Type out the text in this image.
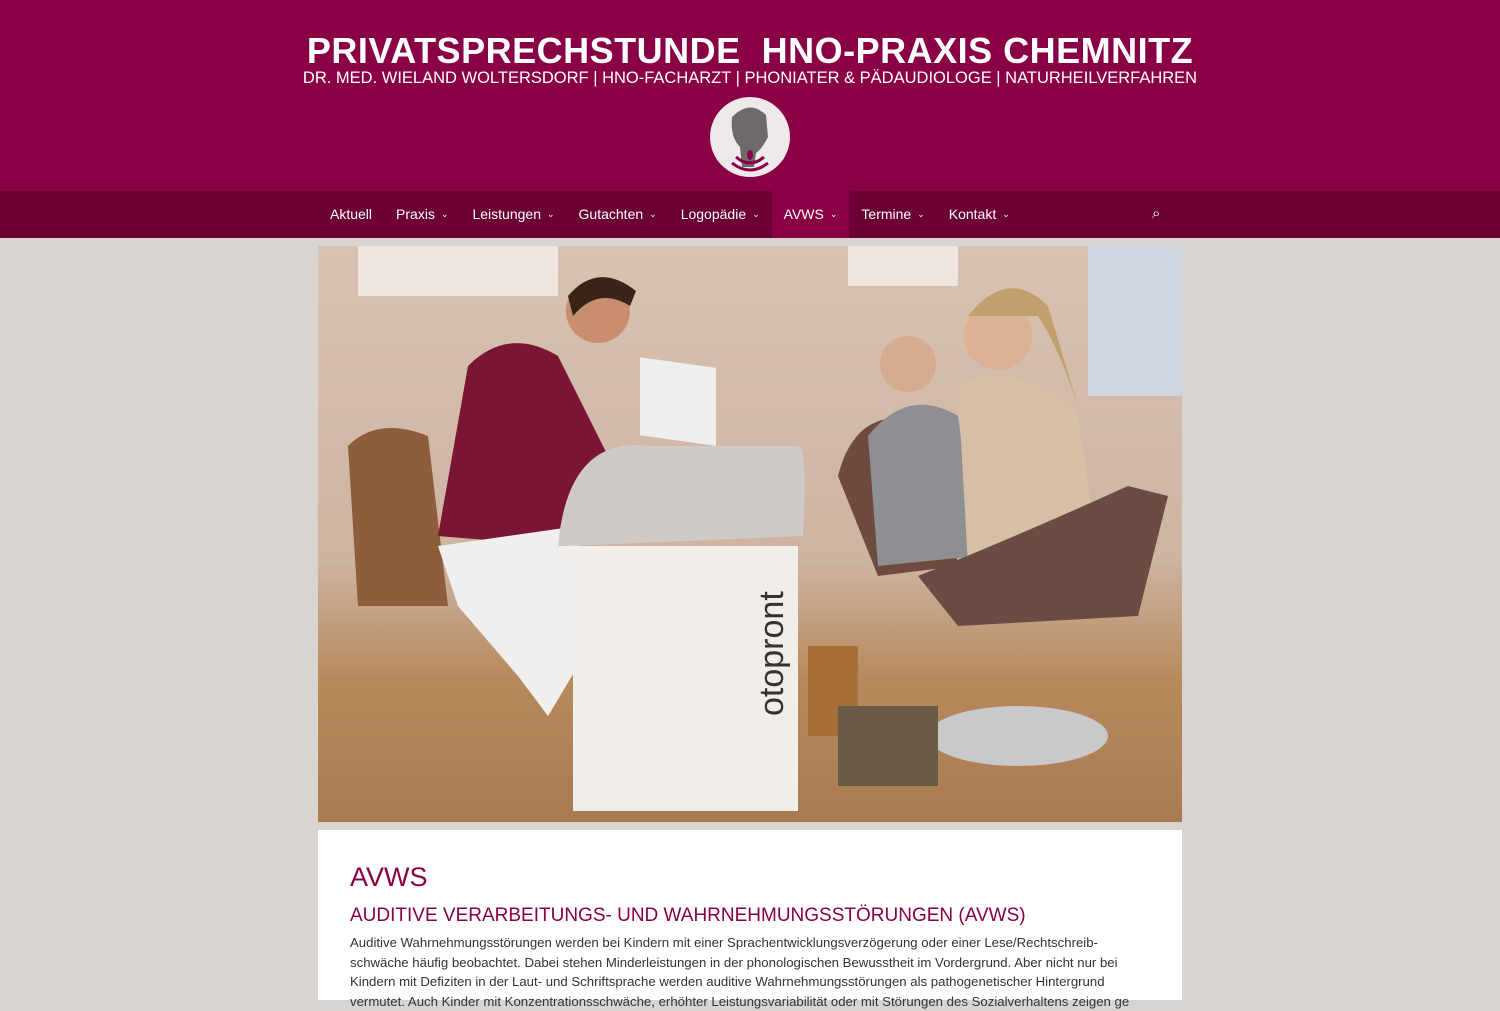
PRIVATSPRECHSTUNDE  HNO-PRAXIS CHEMNITZ
DR. MED. WIELAND WOLTERSDORF | HNO-FACHARZT | PHONIATER & PÄDAUDIOLOGE | NATURHEILVERFAHREN
Aktuell Praxis ⌄ Leistungen ⌄ Gutachten ⌄ Logopädie ⌄ AVWS ⌄ Termine ⌄ Kontakt ⌄	⌕
otopront
AVWS
AUDITIVE VERARBEITUNGS- UND WAHRNEHMUNGSSTÖRUNGEN (AVWS)

Auditive Wahrnehmungsstörungen werden bei Kindern mit einer Sprachentwicklungsverzögerung oder einer Lese/Rechtschreib-schwäche häufig beobachtet. Dabei stehen Minderleistungen in der phonologischen Bewusstheit im Vordergrund. Aber nicht nur bei Kindern mit Defiziten in der Laut- und Schriftsprache werden auditive Wahrnehmungsstörungen als pathogenetischer Hintergrund vermutet. Auch Kinder mit Konzentrationsschwäche, erhöhter Leistungsvariabilität oder mit Störungen des Sozialverhaltens zeigen ge
